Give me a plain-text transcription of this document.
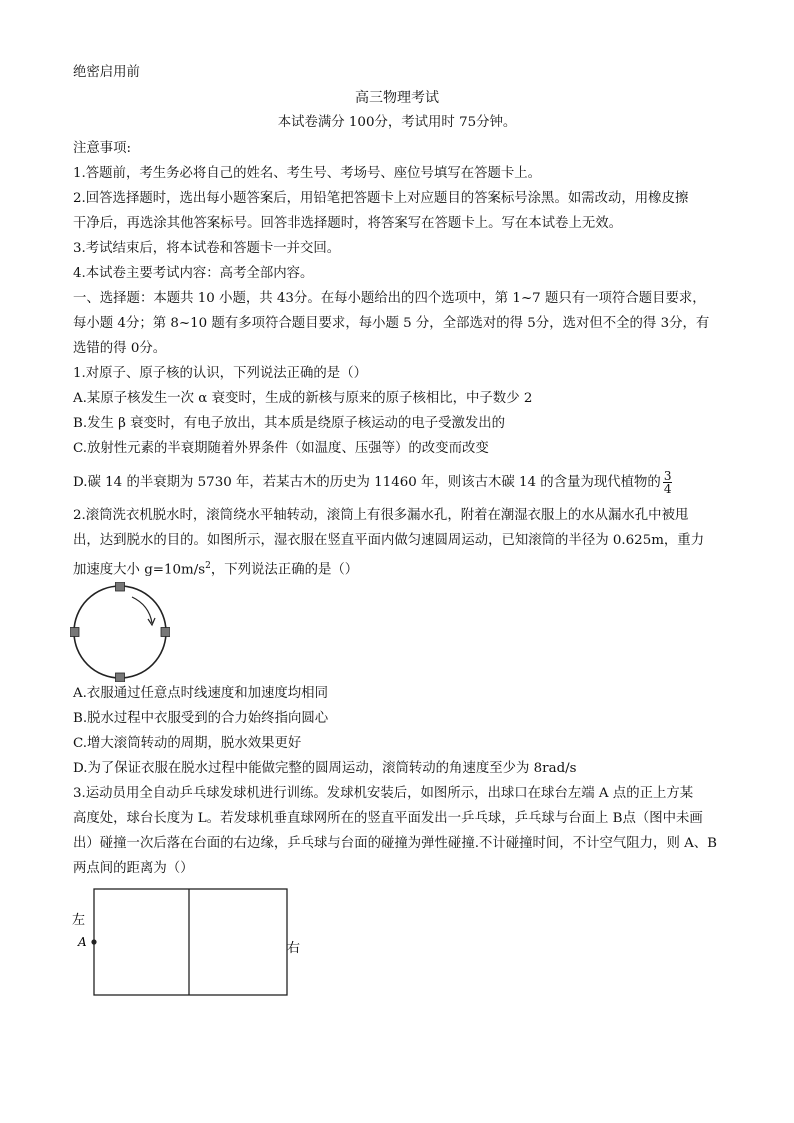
绝密启用前
高三物理考试
本试卷满分 100分，考试用时 75分钟。
注意事项:
1.答题前，考生务必将自己的姓名、考生号、考场号、座位号填写在答题卡上。
2.回答选择题时，选出每小题答案后，用铅笔把答题卡上对应题目的答案标号涂黑。如需改动，用橡皮擦
干净后，再选涂其他答案标号。回答非选择题时，将答案写在答题卡上。写在本试卷上无效。
3.考试结束后，将本试卷和答题卡一并交回。
4.本试卷主要考试内容：高考全部内容。
一、选择题：本题共 10 小题，共 43分。在每小题给出的四个选项中，第 1~7 题只有一项符合题目要求，
每小题 4分；第 8~10 题有多项符合题目要求，每小题 5 分，全部选对的得 5分，选对但不全的得 3分，有
选错的得 0分。
1.对原子、原子核的认识，下列说法正确的是（）
A.某原子核发生一次 α 衰变时，生成的新核与原来的原子核相比，中子数少 2
B.发生 β 衰变时，有电子放出，其本质是绕原子核运动的电子受激发出的
C.放射性元素的半衰期随着外界条件（如温度、压强等）的改变而改变
D.碳 14 的半衰期为 5730 年，若某古木的历史为 11460 年，则该古木碳 14 的含量为现代植物的 $\frac{3}{4}$
2.滚筒洗衣机脱水时，滚筒绕水平轴转动，滚筒上有很多漏水孔，附着在潮湿衣服上的水从漏水孔中被甩
出，达到脱水的目的。如图所示，湿衣服在竖直平面内做匀速圆周运动，已知滚筒的半径为 0.625m，重力
加速度大小 $g=10m/s^2$，下列说法正确的是（）
A.衣服通过任意点时线速度和加速度均相同
B.脱水过程中衣服受到的合力始终指向圆心
C.增大滚筒转动的周期，脱水效果更好
D.为了保证衣服在脱水过程中能做完整的圆周运动，滚筒转动的角速度至少为 8rad/s
3.运动员用全自动乒乓球发球机进行训练。发球机安装后，如图所示，出球口在球台左端 A 点的正上方某
高度处，球台长度为 L。若发球机垂直球网所在的竖直平面发出一乒乓球，乒乓球与台面上 B点（图中未画
出）碰撞一次后落在台面的右边缘，乒乓球与台面的碰撞为弹性碰撞.不计碰撞时间，不计空气阻力，则 A、B
两点间的距离为（）
左
A	右
